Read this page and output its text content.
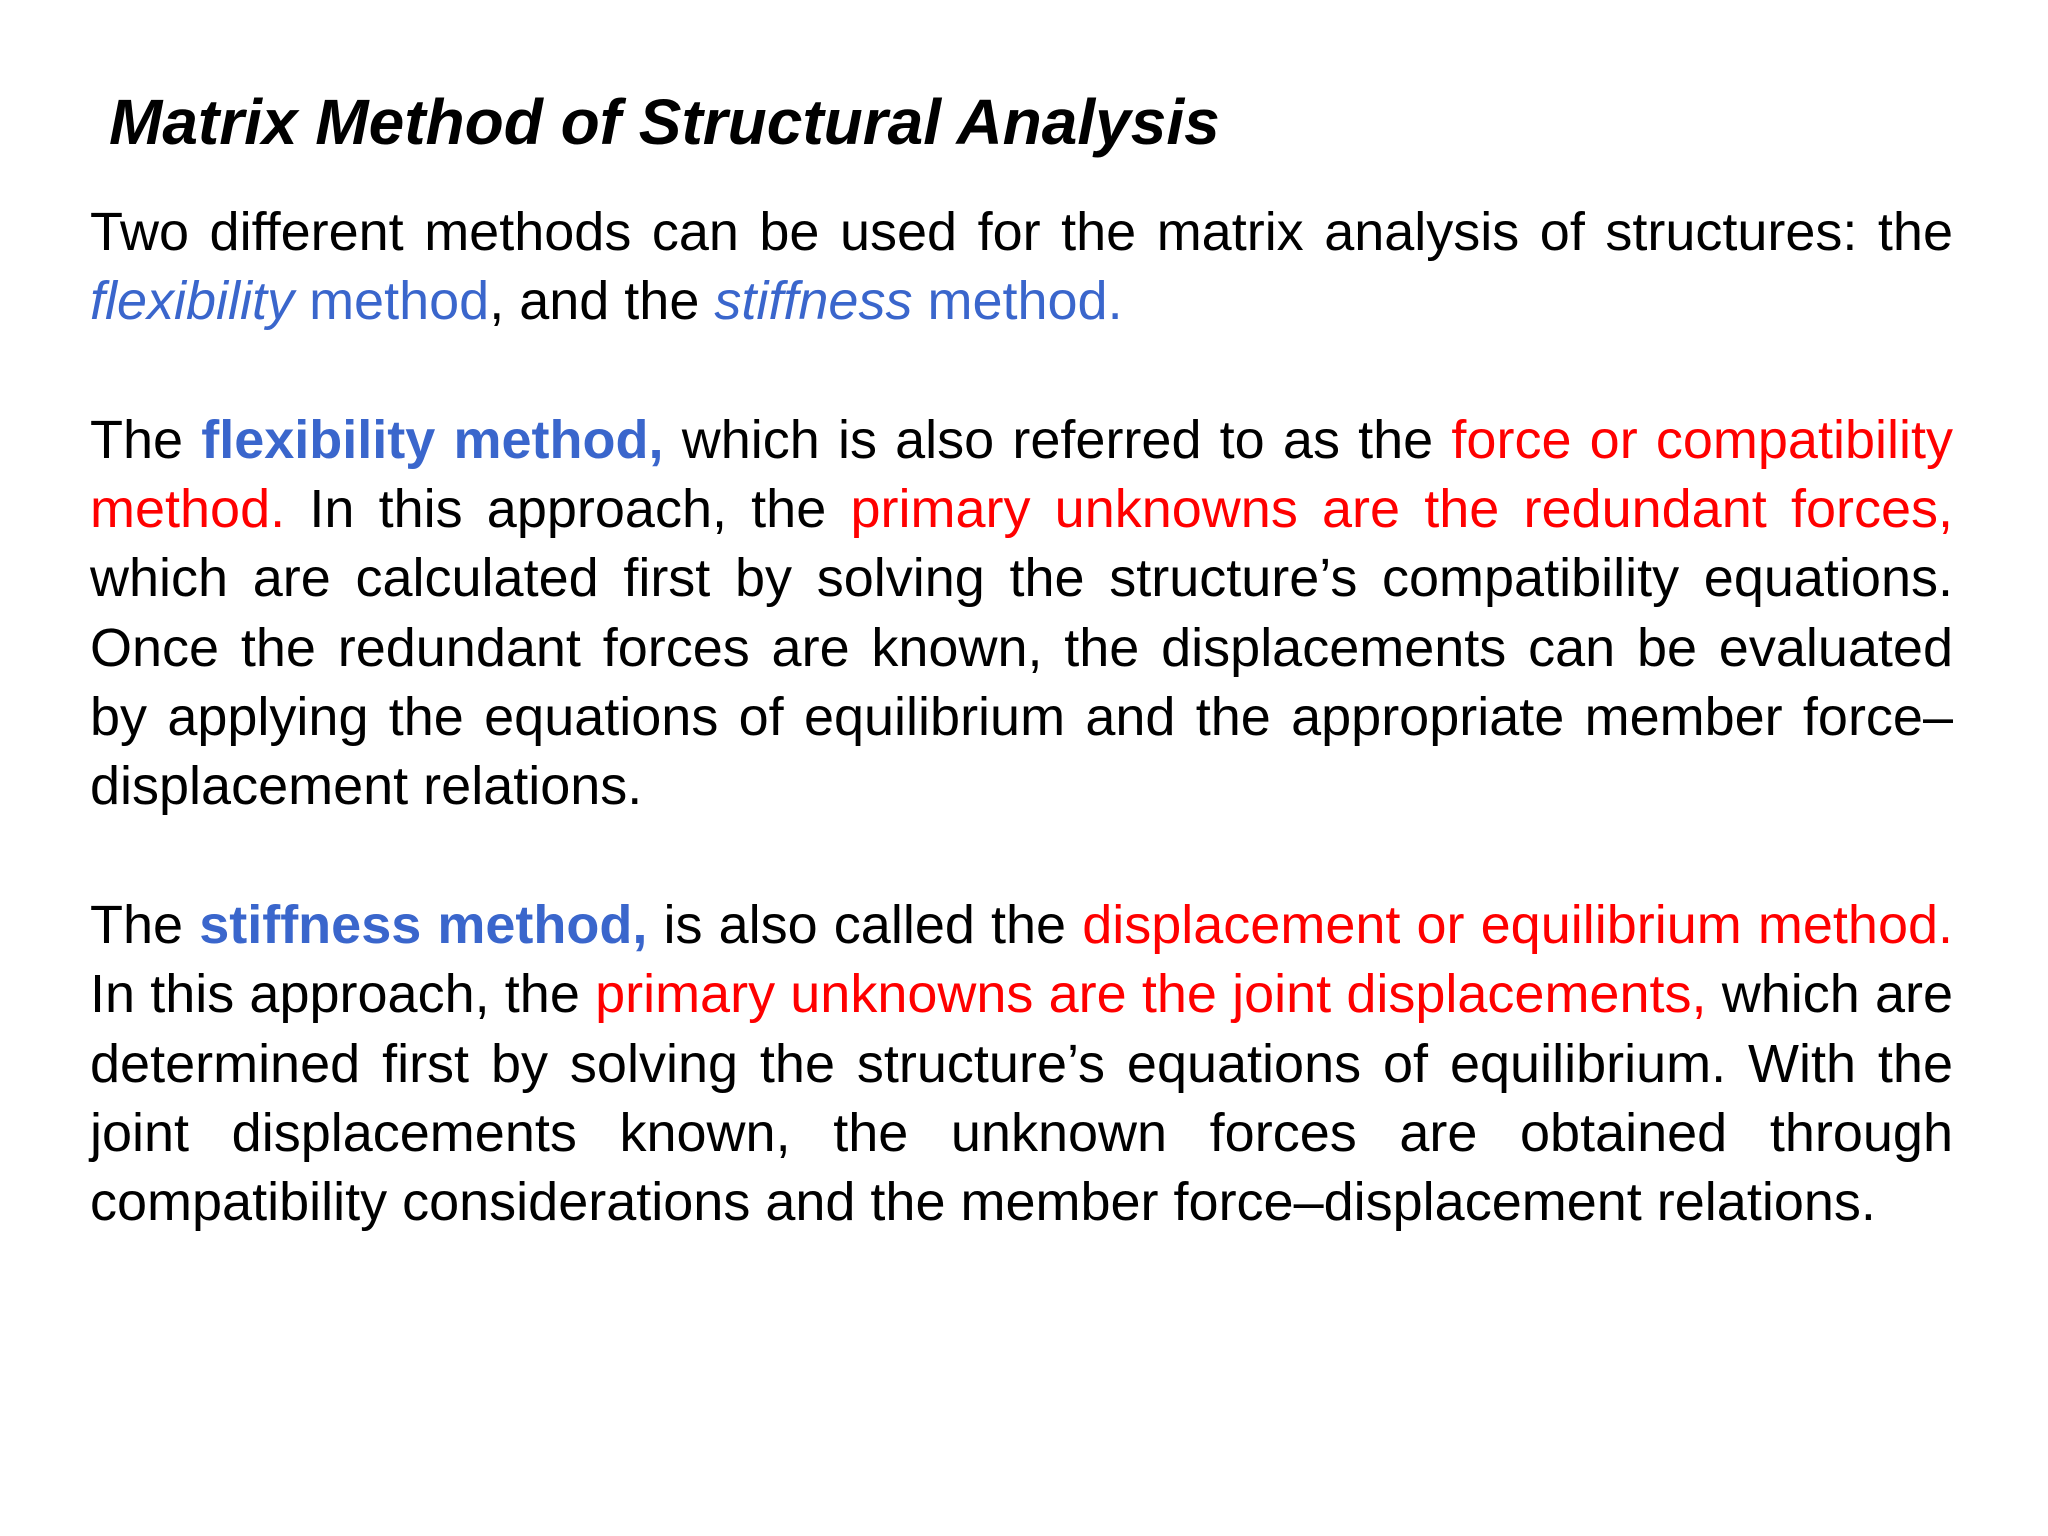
Matrix Method of Structural Analysis

Two different methods can be used for the matrix analysis of structures: the flexibility method, and the stiffness method.

The flexibility method, which is also referred to as the force or compatibility method. In this approach, the primary unknowns are the redundant forces, which are calculated first by solving the structure’s compatibility equations. Once the redundant forces are known, the displacements can be evaluated by applying the equations of equilibrium and the appropriate member force–displacement relations.

The stiffness method, is also called the displacement or equilibrium method. In this approach, the primary unknowns are the joint displacements, which are determined first by solving the structure’s equations of equilibrium. With the joint displacements known, the unknown forces are obtained through compatibility considerations and the member force–displacement relations.
